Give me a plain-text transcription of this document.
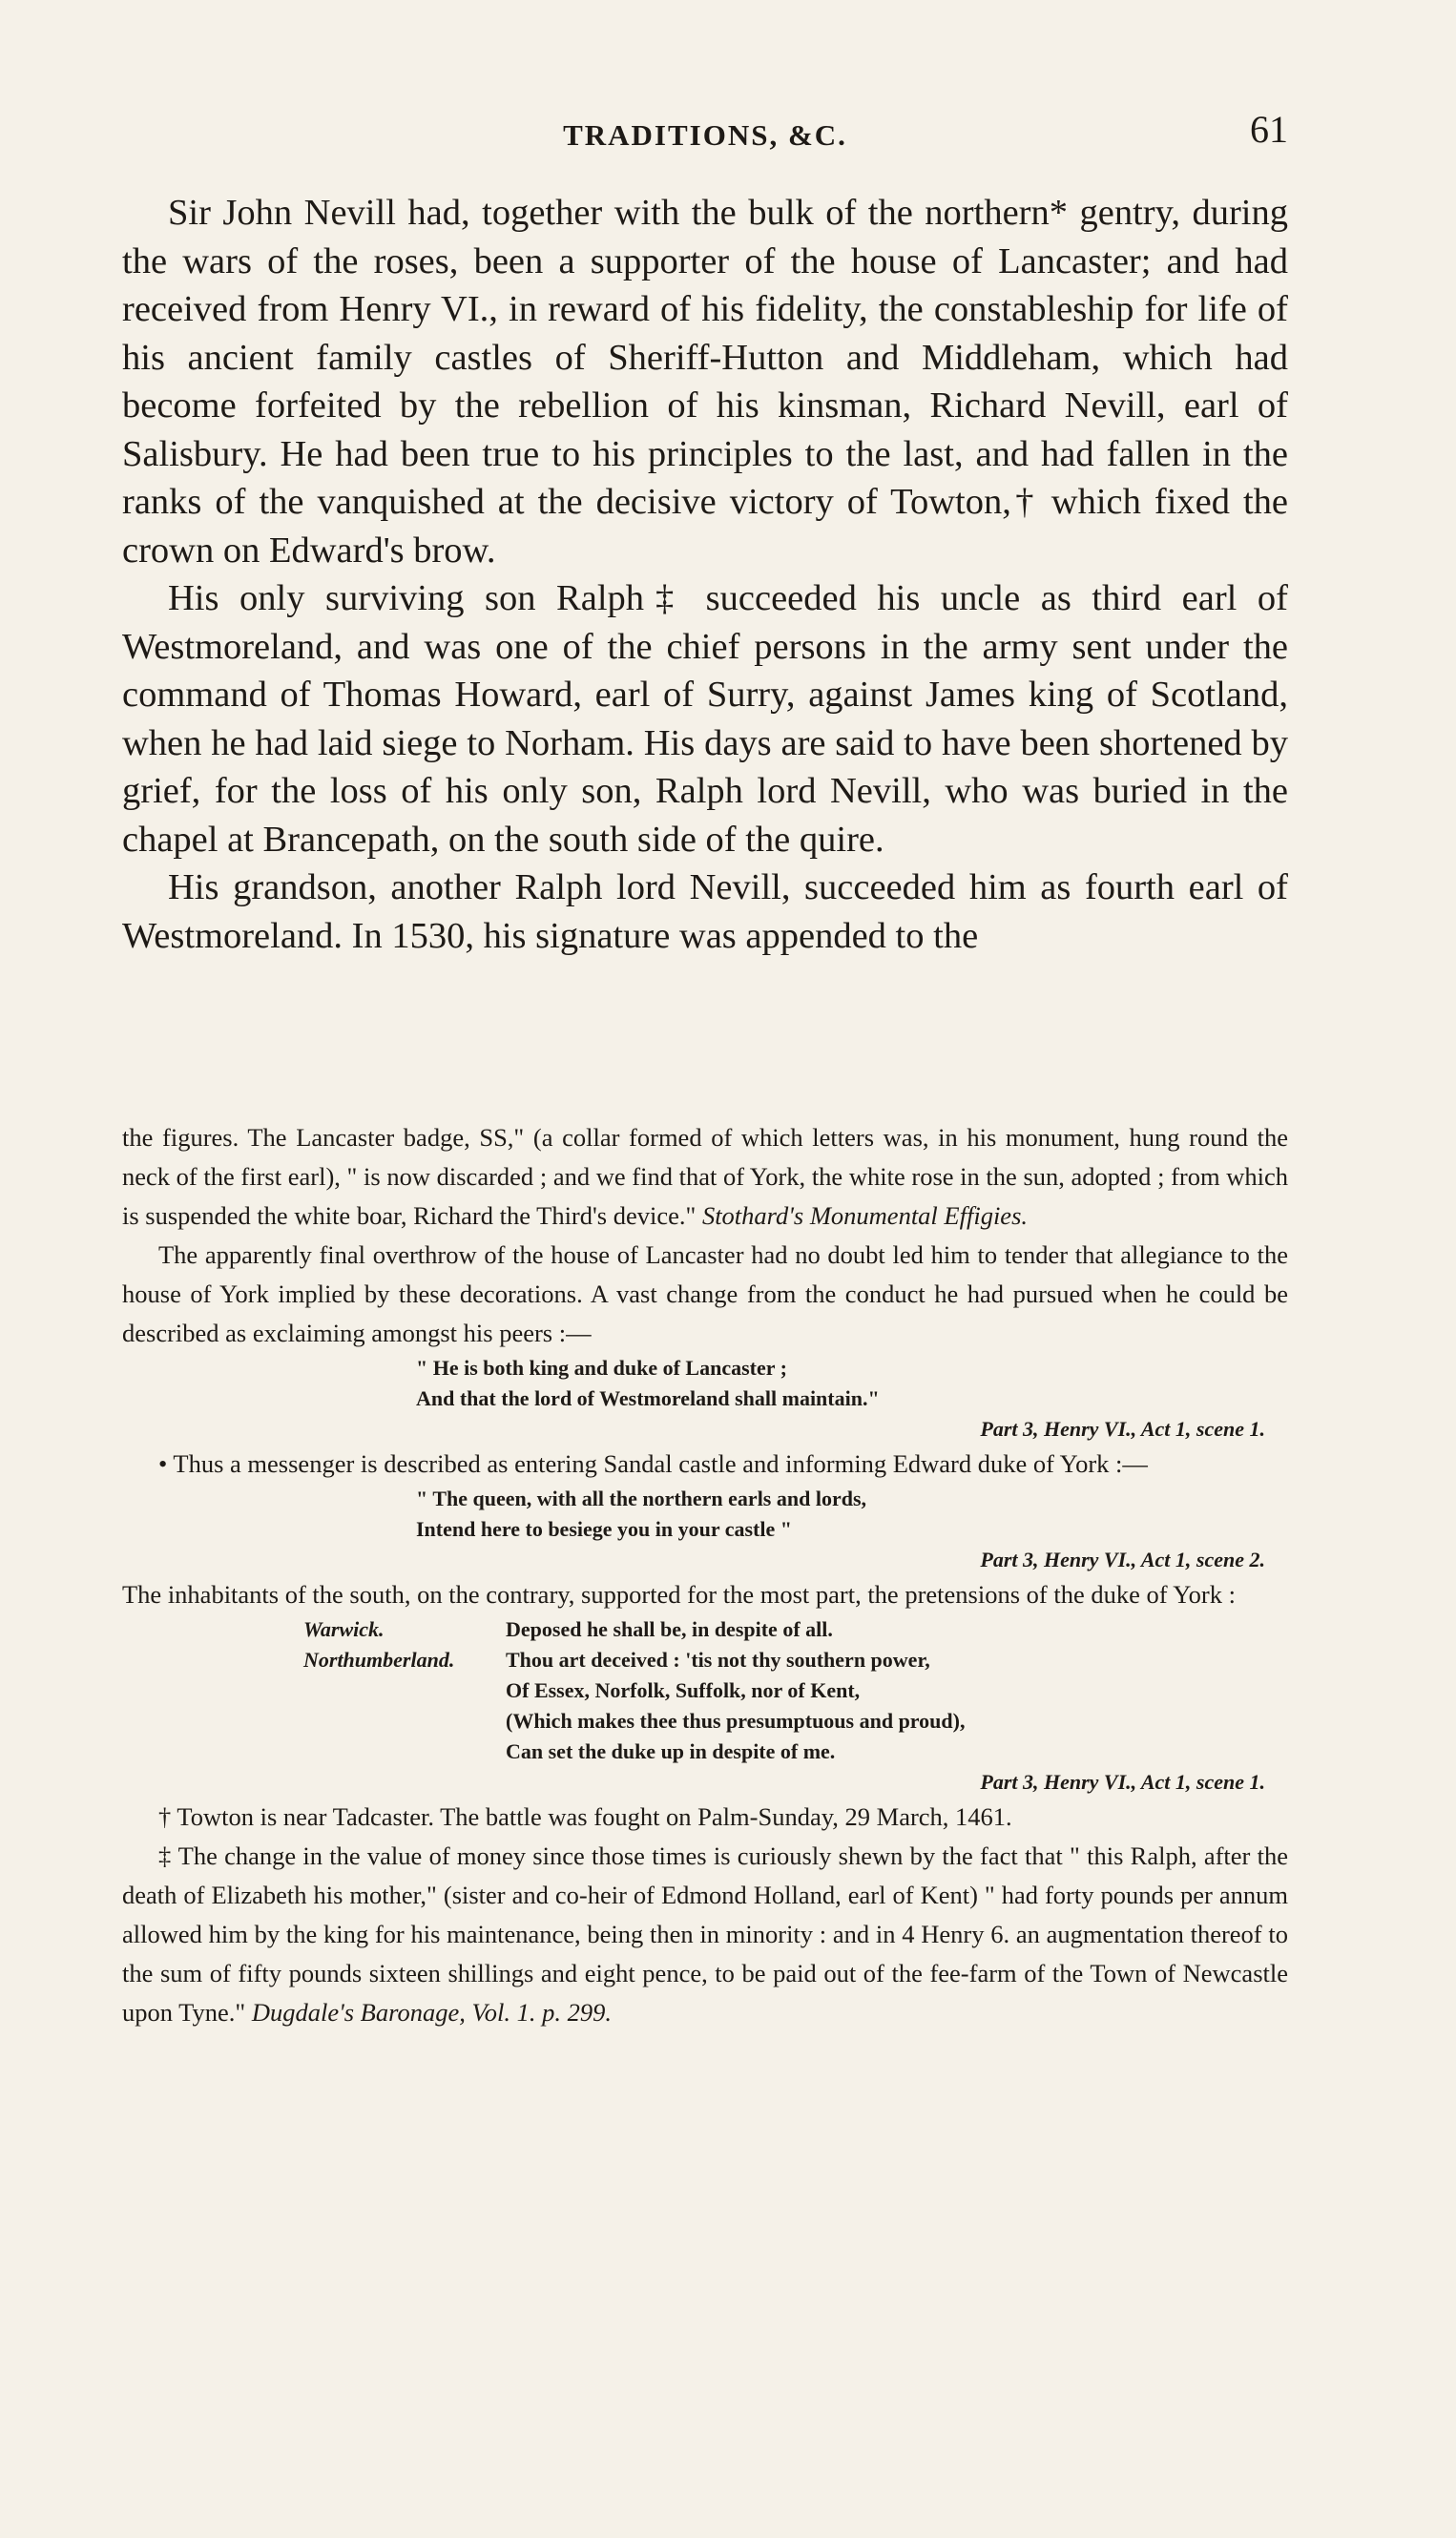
TRADITIONS, &C.	61

Sir John Nevill had, together with the bulk of the northern* gentry, during the wars of the roses, been a supporter of the house of Lancaster; and had received from Henry VI., in reward of his fidelity, the constableship for life of his ancient family castles of Sheriff-Hutton and Middleham, which had become forfeited by the rebellion of his kinsman, Richard Nevill, earl of Salisbury. He had been true to his principles to the last, and had fallen in the ranks of the vanquished at the decisive victory of Towton,† which fixed the crown on Edward's brow.

His only surviving son Ralph‡ succeeded his uncle as third earl of Westmoreland, and was one of the chief persons in the army sent under the command of Thomas Howard, earl of Surry, against James king of Scotland, when he had laid siege to Norham. His days are said to have been shortened by grief, for the loss of his only son, Ralph lord Nevill, who was buried in the chapel at Brancepath, on the south side of the quire.

His grandson, another Ralph lord Nevill, succeeded him as fourth earl of Westmoreland. In 1530, his signature was appended to the

the figures. The Lancaster badge, SS," (a collar formed of which letters was, in his monument, hung round the neck of the first earl), " is now discarded ; and we find that of York, the white rose in the sun, adopted ; from which is suspended the white boar, Richard the Third's device." Stothard's Monumental Effigies.

The apparently final overthrow of the house of Lancaster had no doubt led him to tender that allegiance to the house of York implied by these decorations. A vast change from the conduct he had pursued when he could be described as exclaiming amongst his peers :—

" He is both king and duke of Lancaster ;
And that the lord of Westmoreland shall maintain."
Part 3, Henry VI., Act 1, scene 1.

• Thus a messenger is described as entering Sandal castle and informing Edward duke of York :—

" The queen, with all the northern earls and lords,
Intend here to besiege you in your castle "
Part 3, Henry VI., Act 1, scene 2.

The inhabitants of the south, on the contrary, supported for the most part, the pretensions of the duke of York :

Warwick.	Deposed he shall be, in despite of all.
Northumberland.	Thou art deceived : 'tis not thy southern power,
Of Essex, Norfolk, Suffolk, nor of Kent,
(Which makes thee thus presumptuous and proud),
Can set the duke up in despite of me.
Part 3, Henry VI., Act 1, scene 1.

† Towton is near Tadcaster. The battle was fought on Palm-Sunday, 29 March, 1461.

‡ The change in the value of money since those times is curiously shewn by the fact that " this Ralph, after the death of Elizabeth his mother," (sister and co-heir of Edmond Holland, earl of Kent) " had forty pounds per annum allowed him by the king for his maintenance, being then in minority : and in 4 Henry 6. an augmentation thereof to the sum of fifty pounds sixteen shillings and eight pence, to be paid out of the fee-farm of the Town of Newcastle upon Tyne." Dugdale's Baronage, Vol. 1. p. 299.
